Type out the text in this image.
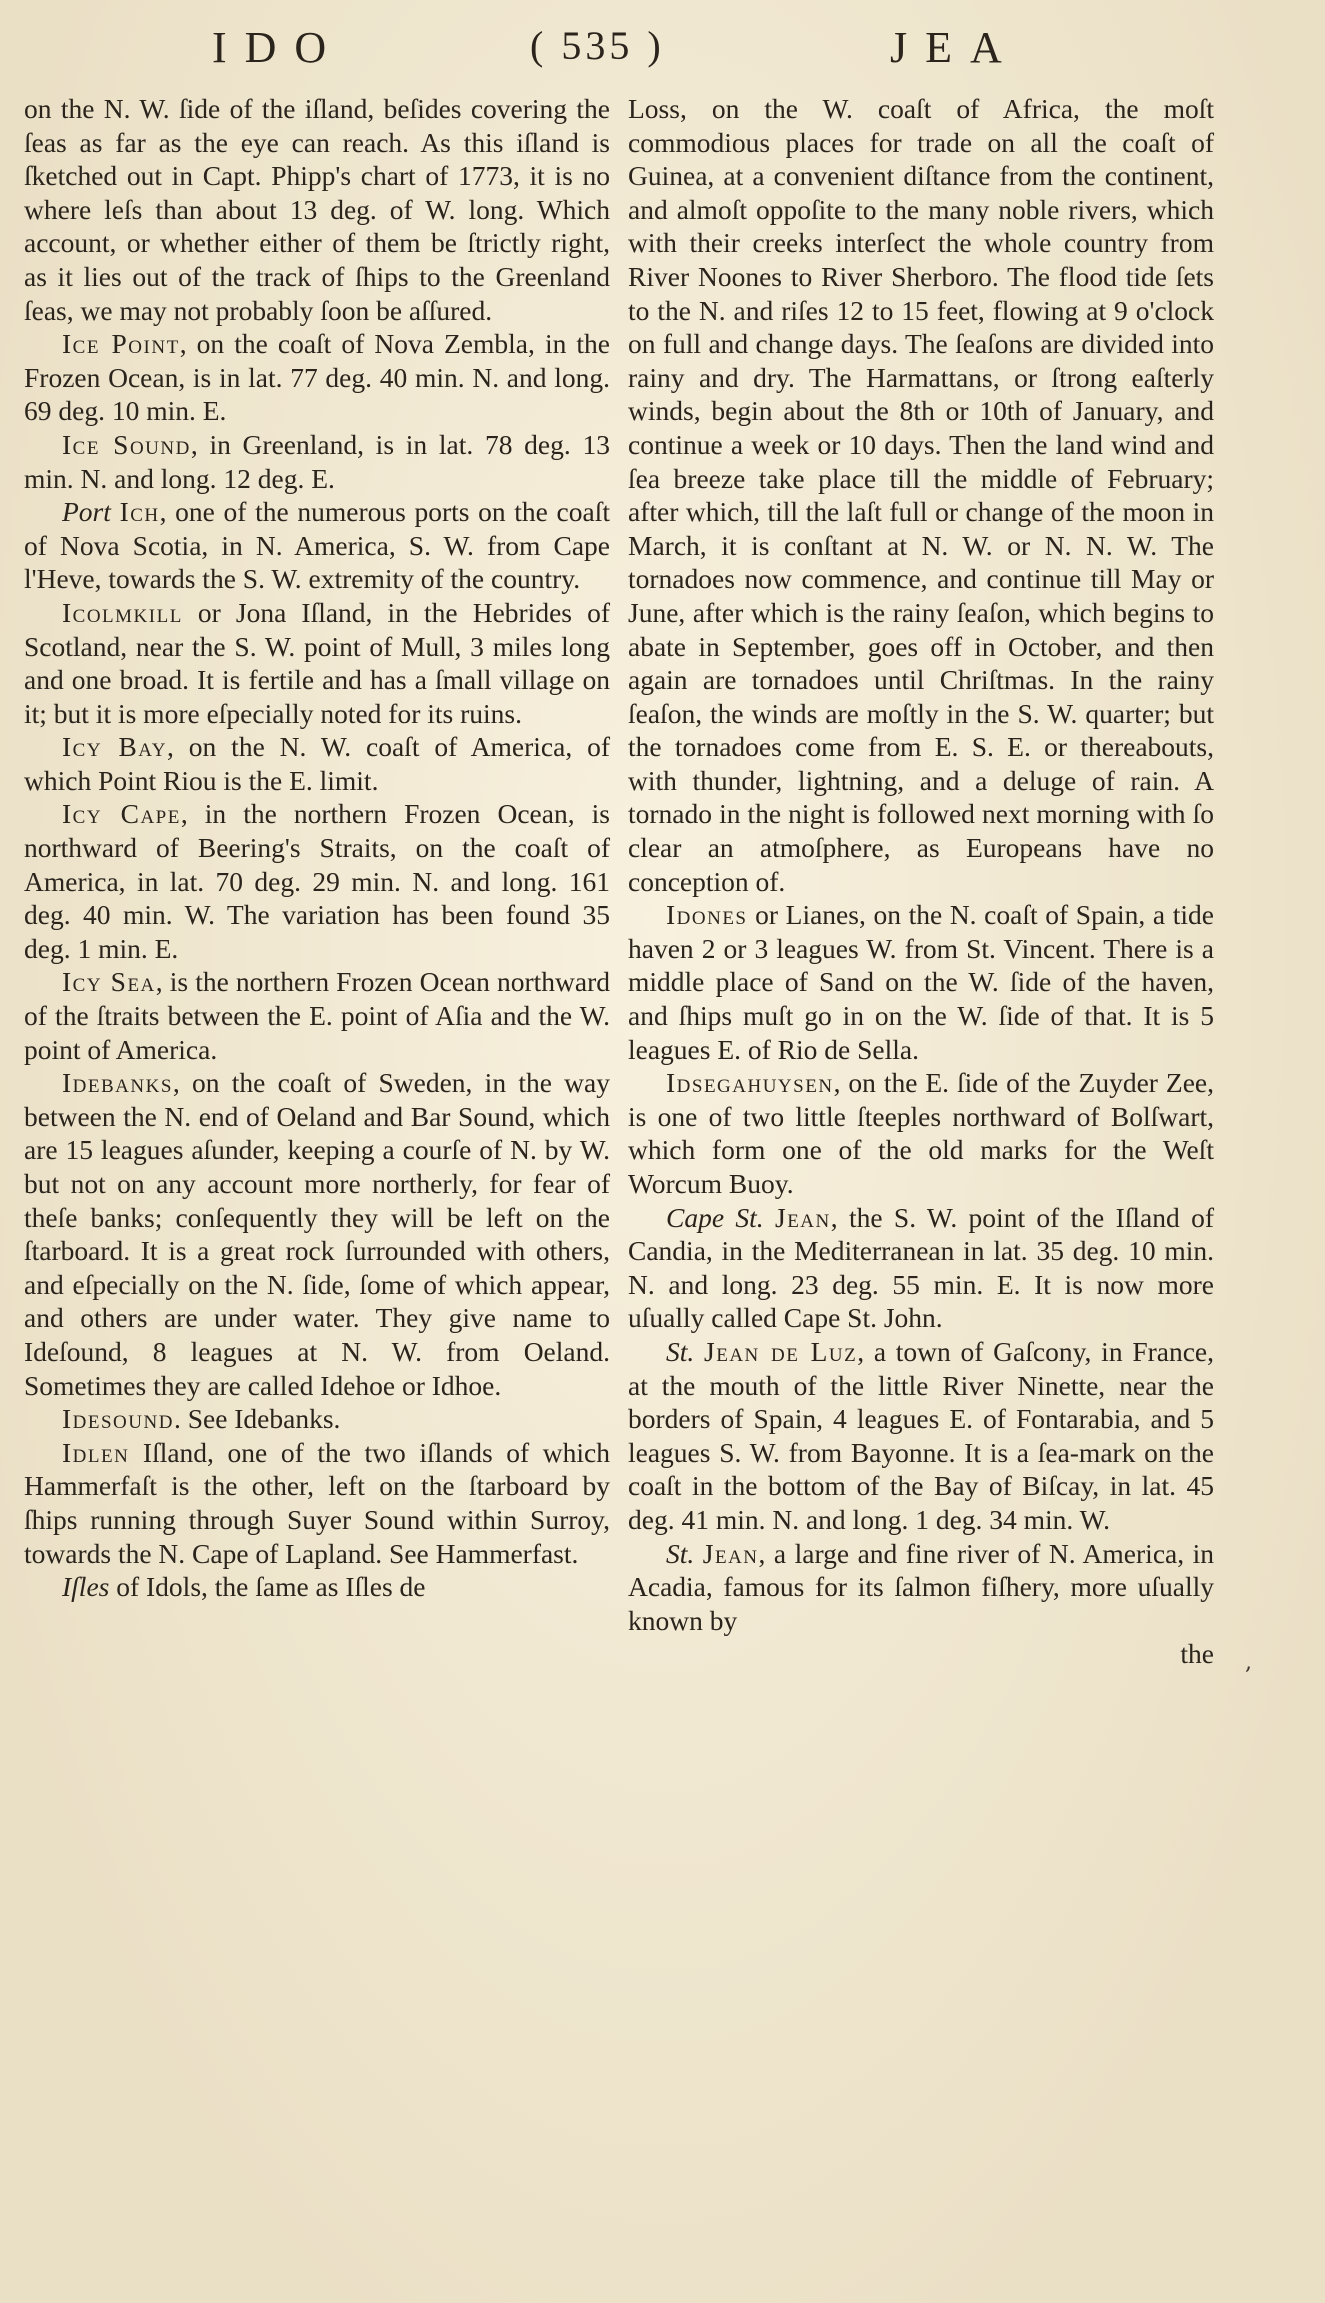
IDO	( 535 )	JEA

on the N. W. ſide of the iſland, beſides covering the ſeas as far as the eye can reach. As this iſland is ſketched out in Capt. Phipp's chart of 1773, it is no where leſs than about 13 deg. of W. long. Which account, or whether either of them be ſtrictly right, as it lies out of the track of ſhips to the Greenland ſeas, we may not probably ſoon be aſſured.

Ice Point, on the coaſt of Nova Zembla, in the Frozen Ocean, is in lat. 77 deg. 40 min. N. and long. 69 deg. 10 min. E.

Ice Sound, in Greenland, is in lat. 78 deg. 13 min. N. and long. 12 deg. E.

Port Ich, one of the numerous ports on the coaſt of Nova Scotia, in N. America, S. W. from Cape l'Heve, towards the S. W. extremity of the country.

Icolmkill or Jona Iſland, in the Hebrides of Scotland, near the S. W. point of Mull, 3 miles long and one broad. It is fertile and has a ſmall village on it; but it is more eſpecially noted for its ruins.

Icy Bay, on the N. W. coaſt of America, of which Point Riou is the E. limit.

Icy Cape, in the northern Frozen Ocean, is northward of Beering's Straits, on the coaſt of America, in lat. 70 deg. 29 min. N. and long. 161 deg. 40 min. W. The variation has been found 35 deg. 1 min. E.

Icy Sea, is the northern Frozen Ocean northward of the ſtraits between the E. point of Aſia and the W. point of America.

Idebanks, on the coaſt of Sweden, in the way between the N. end of Oeland and Bar Sound, which are 15 leagues aſunder, keeping a courſe of N. by W. but not on any account more northerly, for fear of theſe banks; conſequently they will be left on the ſtarboard. It is a great rock ſurrounded with others, and eſpecially on the N. ſide, ſome of which appear, and others are under water. They give name to Ideſound, 8 leagues at N. W. from Oeland. Sometimes they are called Idehoe or Idhoe.

Idesound. See Idebanks.

Idlen Iſland, one of the two iſlands of which Hammerfaſt is the other, left on the ſtarboard by ſhips running through Suyer Sound within Surroy, towards the N. Cape of Lapland. See Hammerfast.

Iſles of Idols, the ſame as Iſles de

Loss, on the W. coaſt of Africa, the moſt commodious places for trade on all the coaſt of Guinea, at a convenient diſtance from the continent, and almoſt oppoſite to the many noble rivers, which with their creeks interſect the whole country from River Noones to River Sherboro. The flood tide ſets to the N. and riſes 12 to 15 feet, flowing at 9 o'clock on full and change days. The ſeaſons are divided into rainy and dry. The Harmattans, or ſtrong eaſterly winds, begin about the 8th or 10th of January, and continue a week or 10 days. Then the land wind and ſea breeze take place till the middle of February; after which, till the laſt full or change of the moon in March, it is conſtant at N. W. or N. N. W. The tornadoes now commence, and continue till May or June, after which is the rainy ſeaſon, which begins to abate in September, goes off in October, and then again are tornadoes until Chriſtmas. In the rainy ſeaſon, the winds are moſtly in the S. W. quarter; but the tornadoes come from E. S. E. or thereabouts, with thunder, lightning, and a deluge of rain. A tornado in the night is followed next morning with ſo clear an atmoſphere, as Europeans have no conception of.

Idones or Lianes, on the N. coaſt of Spain, a tide haven 2 or 3 leagues W. from St. Vincent. There is a middle place of Sand on the W. ſide of the haven, and ſhips muſt go in on the W. ſide of that. It is 5 leagues E. of Rio de Sella.

Idsegahuysen, on the E. ſide of the Zuyder Zee, is one of two little ſteeples northward of Bolſwart, which form one of the old marks for the Weſt Worcum Buoy.

Cape St. Jean, the S. W. point of the Iſland of Candia, in the Mediterranean in lat. 35 deg. 10 min. N. and long. 23 deg. 55 min. E. It is now more uſually called Cape St. John.

St. Jean de Luz, a town of Gaſcony, in France, at the mouth of the little River Ninette, near the borders of Spain, 4 leagues E. of Fontarabia, and 5 leagues S. W. from Bayonne. It is a ſea-mark on the coaſt in the bottom of the Bay of Biſcay, in lat. 45 deg. 41 min. N. and long. 1 deg. 34 min. W.

St. Jean, a large and fine river of N. America, in Acadia, famous for its ſalmon fiſhery, more uſually known by

the ,
